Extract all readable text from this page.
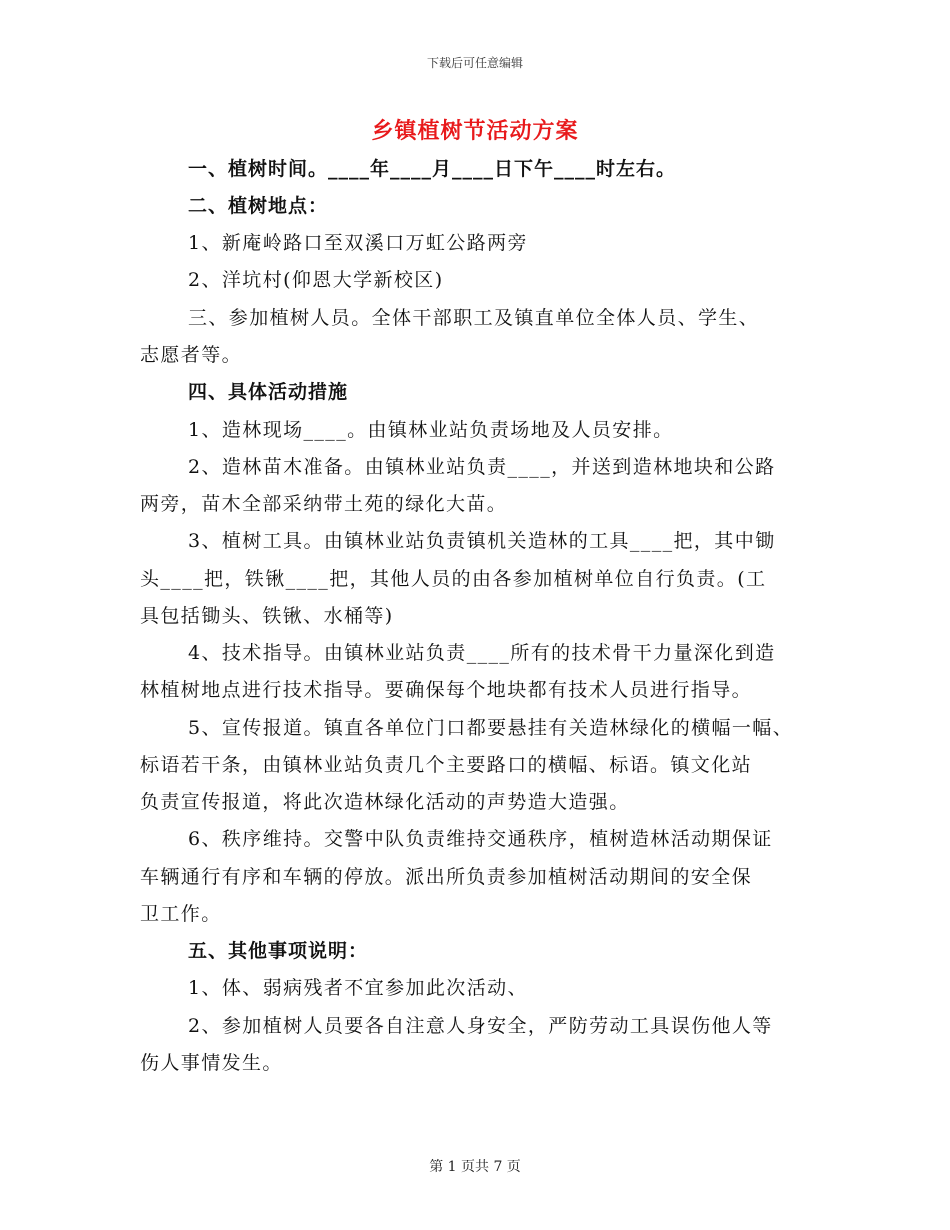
下载后可任意编辑
乡镇植树节活动方案
一、植树时间。____年____月____日下午____时左右。
二、植树地点：
1、新庵岭路口至双溪口万虹公路两旁
2、洋坑村(仰恩大学新校区)
三、参加植树人员。全体干部职工及镇直单位全体人员、学生、
志愿者等。
四、具体活动措施
1、造林现场____。由镇林业站负责场地及人员安排。
2、造林苗木准备。由镇林业站负责____，并送到造林地块和公路
两旁，苗木全部采纳带土苑的绿化大苗。
3、植树工具。由镇林业站负责镇机关造林的工具____把，其中锄
头____把，铁锹____把，其他人员的由各参加植树单位自行负责。(工
具包括锄头、铁锹、水桶等)
4、技术指导。由镇林业站负责____所有的技术骨干力量深化到造
林植树地点进行技术指导。要确保每个地块都有技术人员进行指导。
5、宣传报道。镇直各单位门口都要悬挂有关造林绿化的横幅一幅、
标语若干条，由镇林业站负责几个主要路口的横幅、标语。镇文化站
负责宣传报道，将此次造林绿化活动的声势造大造强。
6、秩序维持。交警中队负责维持交通秩序，植树造林活动期保证
车辆通行有序和车辆的停放。派出所负责参加植树活动期间的安全保
卫工作。
五、其他事项说明：
1、体、弱病残者不宜参加此次活动、
2、参加植树人员要各自注意人身安全，严防劳动工具误伤他人等
伤人事情发生。
第 1 页共 7 页
